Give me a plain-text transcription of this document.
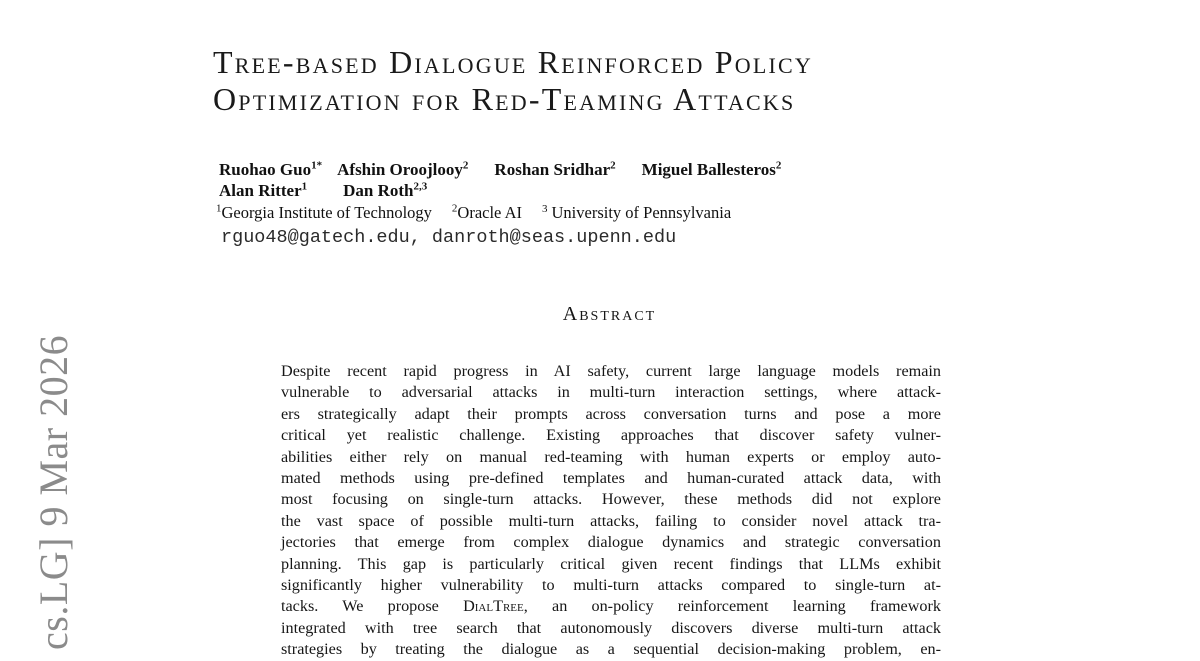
cs.LG] 9 Mar 2026
Tree-based Dialogue Reinforced Policy
Optimization for Red-Teaming Attacks
Ruohao Guo$^{1*}$ Afshin Oroojlooy$^2$ Roshan Sridhar$^2$ Miguel Ballesteros$^2$
Alan Ritter$^1$ Dan Roth$^{2,3}$
$^1$Georgia Institute of Technology $^2$Oracle AI $^3$ University of Pennsylvania
rguo48@gatech.edu, danroth@seas.upenn.edu
Abstract
Despite recent rapid progress in AI safety, current large language models remain
vulnerable to adversarial attacks in multi-turn interaction settings, where attack-
ers strategically adapt their prompts across conversation turns and pose a more
critical yet realistic challenge. Existing approaches that discover safety vulner-
abilities either rely on manual red-teaming with human experts or employ auto-
mated methods using pre-defined templates and human-curated attack data, with
most focusing on single-turn attacks. However, these methods did not explore
the vast space of possible multi-turn attacks, failing to consider novel attack tra-
jectories that emerge from complex dialogue dynamics and strategic conversation
planning. This gap is particularly critical given recent findings that LLMs exhibit
significantly higher vulnerability to multi-turn attacks compared to single-turn at-
tacks. We propose DialTree, an on-policy reinforcement learning framework
integrated with tree search that autonomously discovers diverse multi-turn attack
strategies by treating the dialogue as a sequential decision-making problem, en-
